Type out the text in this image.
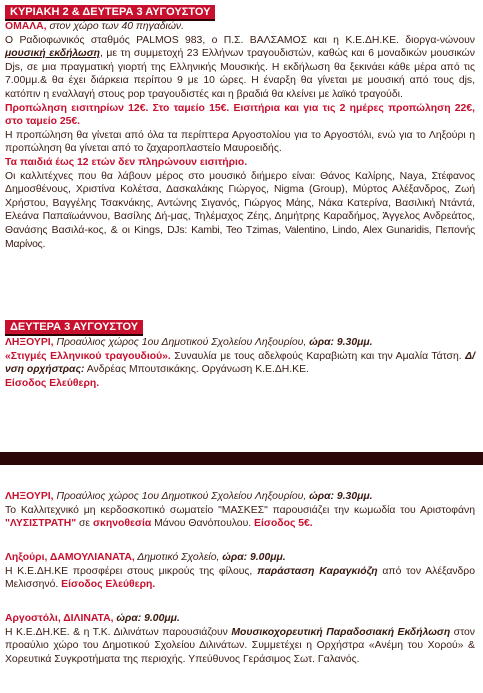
ΚΥΡΙΑΚΗ 2 & ΔΕΥΤΕΡΑ 3 ΑΥΓΟΥΣΤΟΥ

ΟΜΑΛΑ, στον χώρο των 40 πηγαδιών.

Ο Ραδιοφωνικός σταθμός PALMOS 983, ο Π.Σ. ΒΑΛΣΑΜΟΣ και η Κ.Ε.ΔΗ.ΚΕ. διοργα-νώνουν μουσική εκδήλωση, με τη συμμετοχή 23 Ελλήνων τραγουδιστών, καθώς και 6 μοναδικών μουσικών Djs, σε μια πραγματική γιορτή της Ελληνικής Μουσικής. Η εκδήλωση θα ξεκινάει κάθε μέρα από τις 7.00μμ.& θα έχει διάρκεια περίπου 9 με 10 ώρες. Η έναρξη θα γίνεται με μουσική από τους djs, κατόπιν η εναλλαγή στους pop τραγουδιστές και η βραδιά θα κλείνει με λαϊκό τραγούδι.

Προπώληση εισιτηρίων 12€. Στο ταμείο 15€. Εισιτήρια και για τις 2 ημέρες προπώληση 22€, στο ταμείο 25€.

Η προπώληση θα γίνεται από όλα τα περίπτερα Αργοστολίου για το Αργοστόλι, ενώ για το Ληξούρι η προπώληση θα γίνεται από το ζαχαροπλαστείο Μαυροειδής.

Τα παιδιά έως 12 ετών δεν πληρώνουν εισιτήριο.

Οι καλλιτέχνες που θα λάβουν μέρος στο μουσικό διήμερο είναι: Θάνος Καλίρης, Naya, Στέφανος Δημοσθένους, Χριστίνα Κολέτσα, Δασκαλάκης Γιώργος, Nigma (Group), Μύρτος Αλέξανδρος, Ζωή Χρήστου, Βαγγέλης Τσακνάκης, Αντώνης Σιγανός, Γιώργος Μάης, Νάκα Κατερίνα, Βασιλική Ντάντά, Ελεάνα Παπαϊωάννου, Βασίλης Δή-μας, Τηλέμαχος Ζέης, Δημήτρης Καραδήμος, Άγγελος Ανδρεάτος, Θανάσης Βασιλά-κος, & οι Kings, DJs: Kambi, Teo Tzimas, Valentino, Lindo, Alex Gunaridis, Πεπονής Μαρίνος.

ΔΕΥΤΕΡΑ 3 ΑΥΓΟΥΣΤΟΥ

ΛΗΞΟΥΡΙ, Προαύλιος χώρος 1ου Δημοτικού Σχολείου Ληξουρίου, ώρα: 9.30μμ.

«Στιγμές Ελληνικού τραγουδιού». Συναυλία με τους αδελφούς Καραβιώτη και την Αμαλία Τάτση. Δ/νση ορχήστρας: Ανδρέας Μπουτσικάκης. Οργάνωση Κ.Ε.ΔΗ.ΚΕ.

Είσοδος Ελεύθερη.

ΛΗΞΟΥΡΙ, Προαύλιος χώρος 1ου Δημοτικού Σχολείου Ληξουρίου, ώρα: 9.30μμ.

Το Καλλιτεχνικό μη κερδοσκοπικό σωματείο "ΜΑΣΚΕΣ" παρουσιάζει την κωμωδία του Αριστοφάνη "ΛΥΣΙΣΤΡΑΤΗ" σε σκηνοθεσία Μάνου Θανόπουλου. Είσοδος 5€.

Ληξούρι, ΔΑΜΟΥΛΙΑΝΑΤΑ, Δημοτικό Σχολείο, ώρα: 9.00μμ.

Η Κ.Ε.ΔΗ.ΚΕ προσφέρει στους μικρούς της φίλους, παράσταση Καραγκιόζη από τον Αλέξανδρο Μελισσηνό. Είσοδος Ελεύθερη.

Αργοστόλι, ΔΙΛΙΝΑΤΑ, ώρα: 9.00μμ.

Η Κ.Ε.ΔΗ.ΚΕ. & η Τ.Κ. Διλινάτων παρουσιάζουν Μουσικοχορευτική Παραδοσιακή Εκδήλωση στον προαύλιο χώρο του Δημοτικού Σχολείου Διλινάτων. Συμμετέχει η Ορχήστρα «Ανέμη του Χορού» & Χορευτικά Συγκροτήματα της περιοχής. Υπεύθυνος Γεράσιμος Σωτ. Γαλανός.
